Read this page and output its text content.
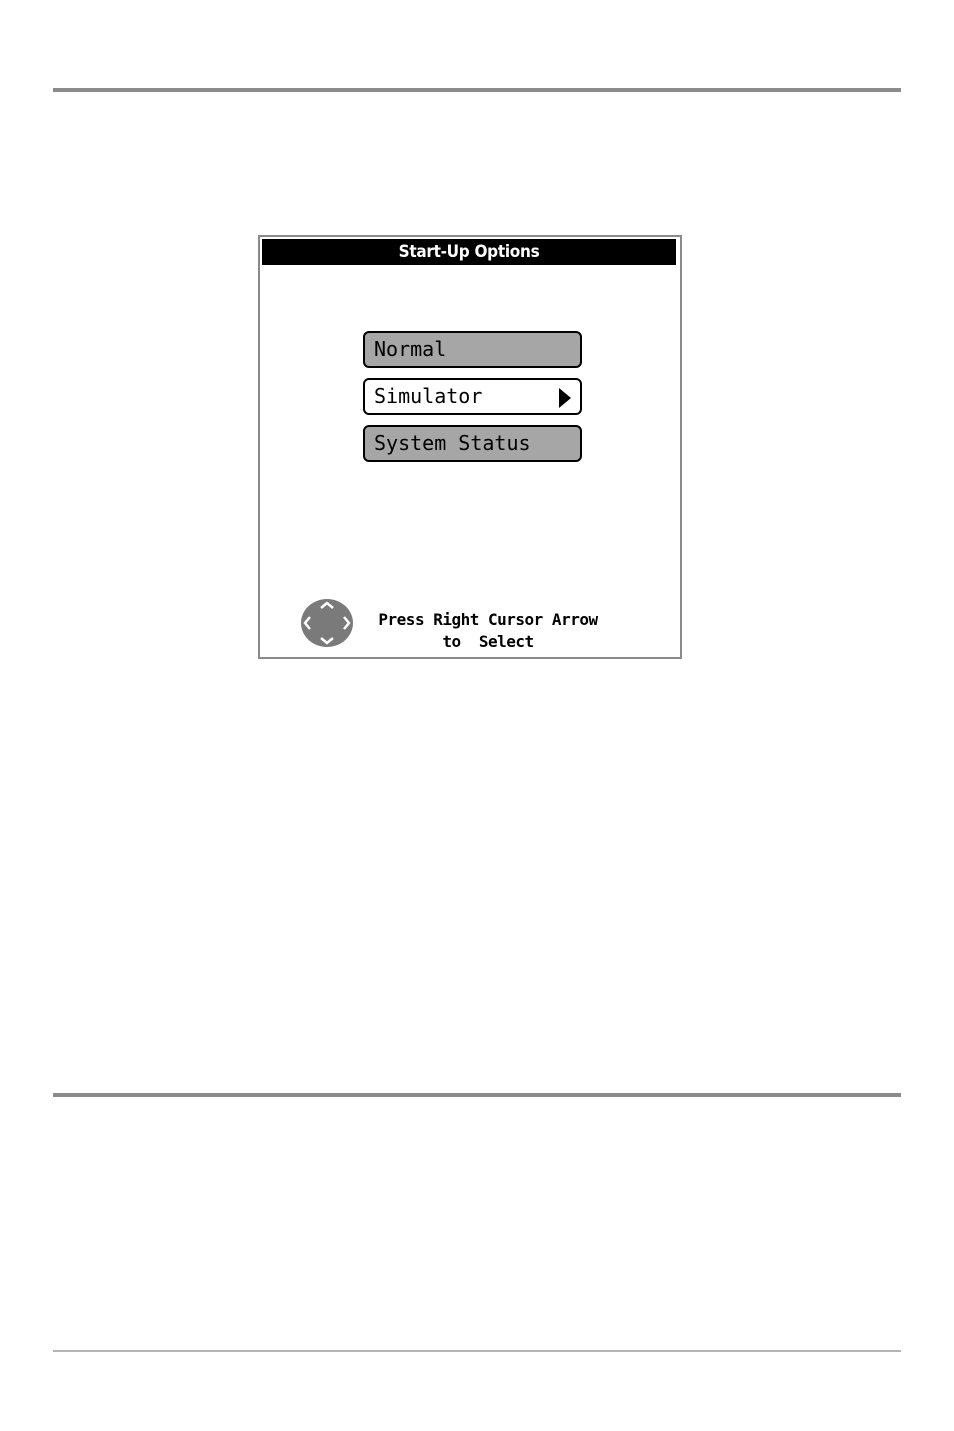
Start-Up Options
Normal
Simulator
System Status
Press Right Cursor Arrow
to  Select
